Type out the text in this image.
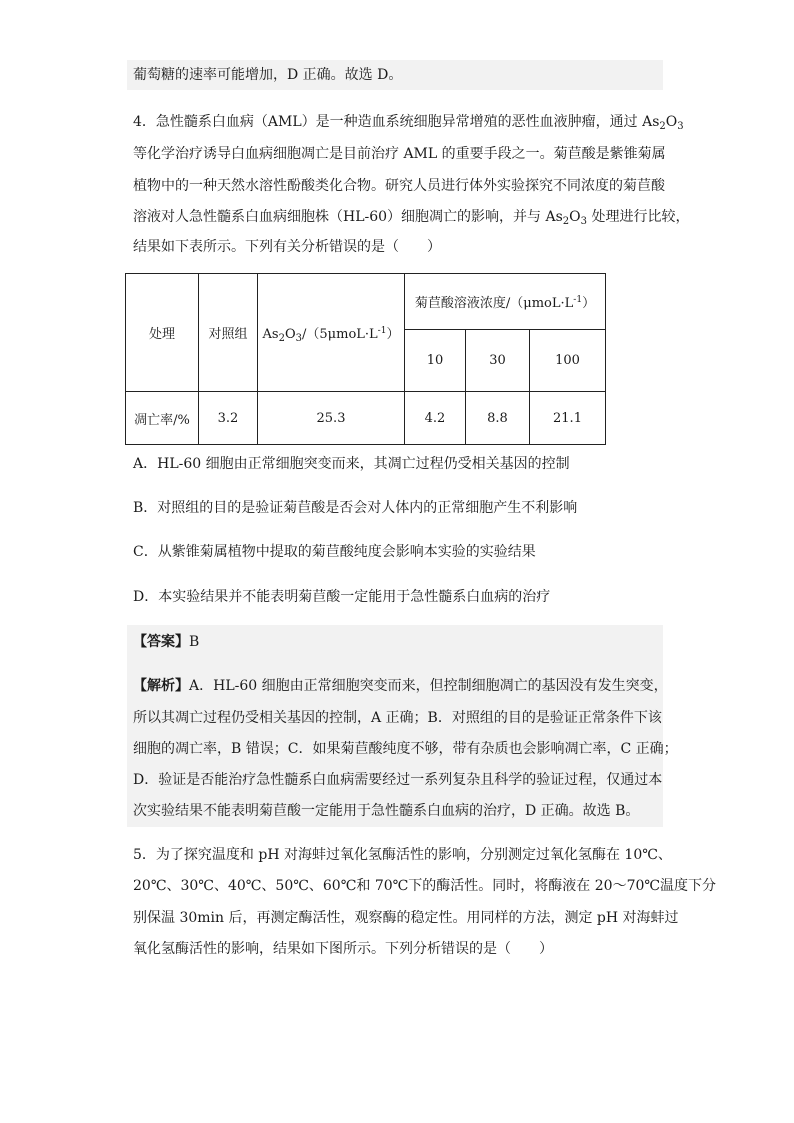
葡萄糖的速率可能增加，D 正确。故选 D。
4．急性髓系白血病（AML）是一种造血系统细胞异常增殖的恶性血液肿瘤，通过 $As_2O_3$
等化学治疗诱导白血病细胞凋亡是目前治疗 AML 的重要手段之一。菊苣酸是紫锥菊属
植物中的一种天然水溶性酚酸类化合物。研究人员进行体外实验探究不同浓度的菊苣酸
溶液对人急性髓系白血病细胞株（HL-60）细胞凋亡的影响，并与 $As_2O_3$ 处理进行比较，
结果如下表所示。下列有关分析错误的是（　　）
处理	对照组	$As_2O_3/(5\mu moL\cdot L^{-1})$	菊苣酸溶液浓度$/(\mu moL\cdot L^{-1})$		
			10	30	100
凋亡率/%	3.2	25.3	4.2	8.8	21.1
A．HL-60 细胞由正常细胞突变而来，其凋亡过程仍受相关基因的控制
B．对照组的目的是验证菊苣酸是否会对人体内的正常细胞产生不利影响
C．从紫锥菊属植物中提取的菊苣酸纯度会影响本实验的实验结果
D．本实验结果并不能表明菊苣酸一定能用于急性髓系白血病的治疗
【答案】B
【解析】A．HL-60 细胞由正常细胞突变而来，但控制细胞凋亡的基因没有发生突变，
所以其凋亡过程仍受相关基因的控制，A 正确；B．对照组的目的是验证正常条件下该
细胞的凋亡率，B 错误；C．如果菊苣酸纯度不够，带有杂质也会影响凋亡率，C 正确；
D．验证是否能治疗急性髓系白血病需要经过一系列复杂且科学的验证过程，仅通过本
次实验结果不能表明菊苣酸一定能用于急性髓系白血病的治疗，D 正确。故选 B。
5．为了探究温度和 pH 对海蚌过氧化氢酶活性的影响，分别测定过氧化氢酶在 10℃、
20℃、30℃、40℃、50℃、60℃和 70℃下的酶活性。同时，将酶液在 20～70℃温度下分
别保温 30min 后，再测定酶活性，观察酶的稳定性。用同样的方法，测定 pH 对海蚌过
氧化氢酶活性的影响，结果如下图所示。下列分析错误的是（　　）
